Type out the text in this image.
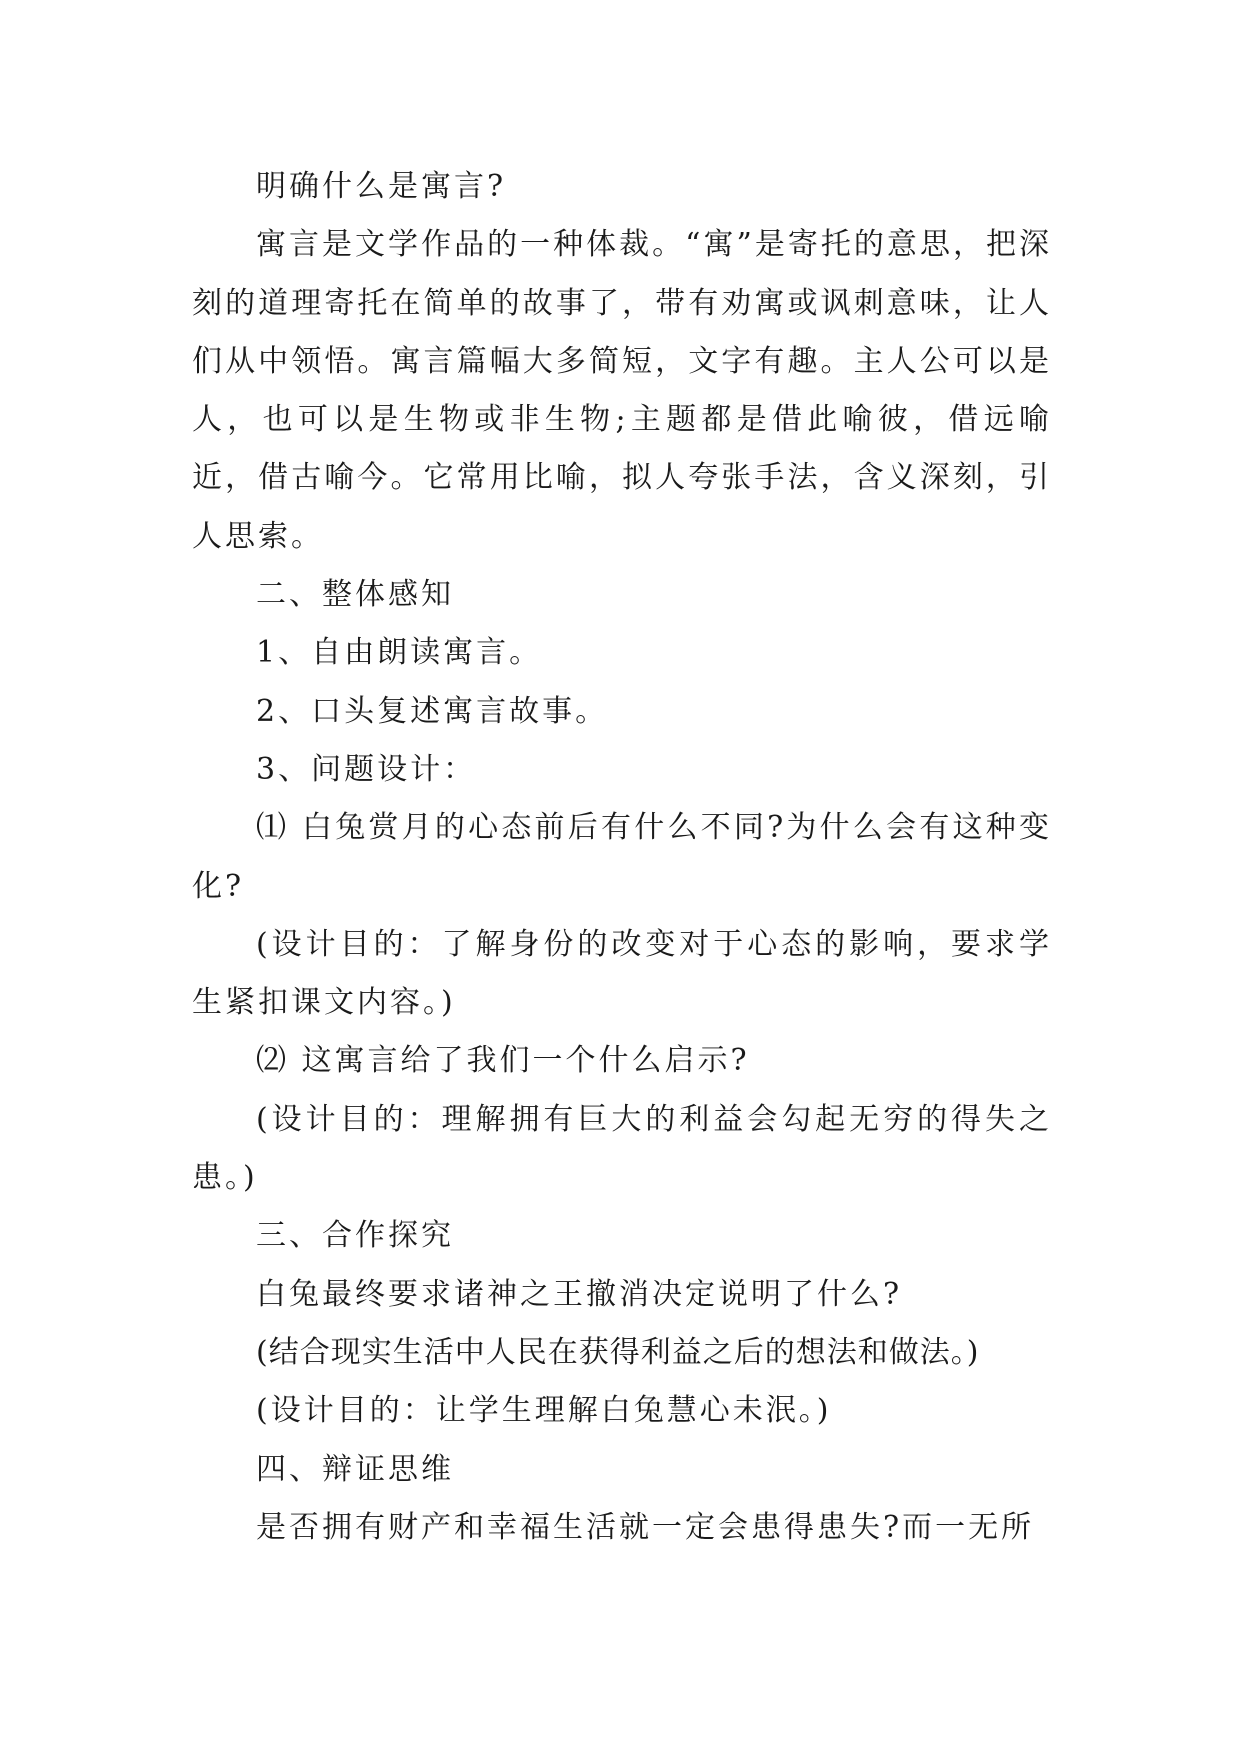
明确什么是寓言?

寓言是文学作品的一种体裁。“寓”是寄托的意思，把深刻的道理寄托在简单的故事了，带有劝寓或讽刺意味，让人们从中领悟。寓言篇幅大多简短，文字有趣。主人公可以是人，也可以是生物或非生物;主题都是借此喻彼，借远喻近，借古喻今。它常用比喻，拟人夸张手法，含义深刻，引人思索。

二、整体感知

1、自由朗读寓言。

2、口头复述寓言故事。

3、问题设计：

⑴ 白兔赏月的心态前后有什么不同?为什么会有这种变化?

(设计目的：了解身份的改变对于心态的影响，要求学生紧扣课文内容。)

⑵ 这寓言给了我们一个什么启示?

(设计目的：理解拥有巨大的利益会勾起无穷的得失之患。)

三、合作探究

白兔最终要求诸神之王撤消决定说明了什么?

(结合现实生活中人民在获得利益之后的想法和做法。)

(设计目的：让学生理解白兔慧心未泯。)

四、辩证思维

是否拥有财产和幸福生活就一定会患得患失?而一无所
